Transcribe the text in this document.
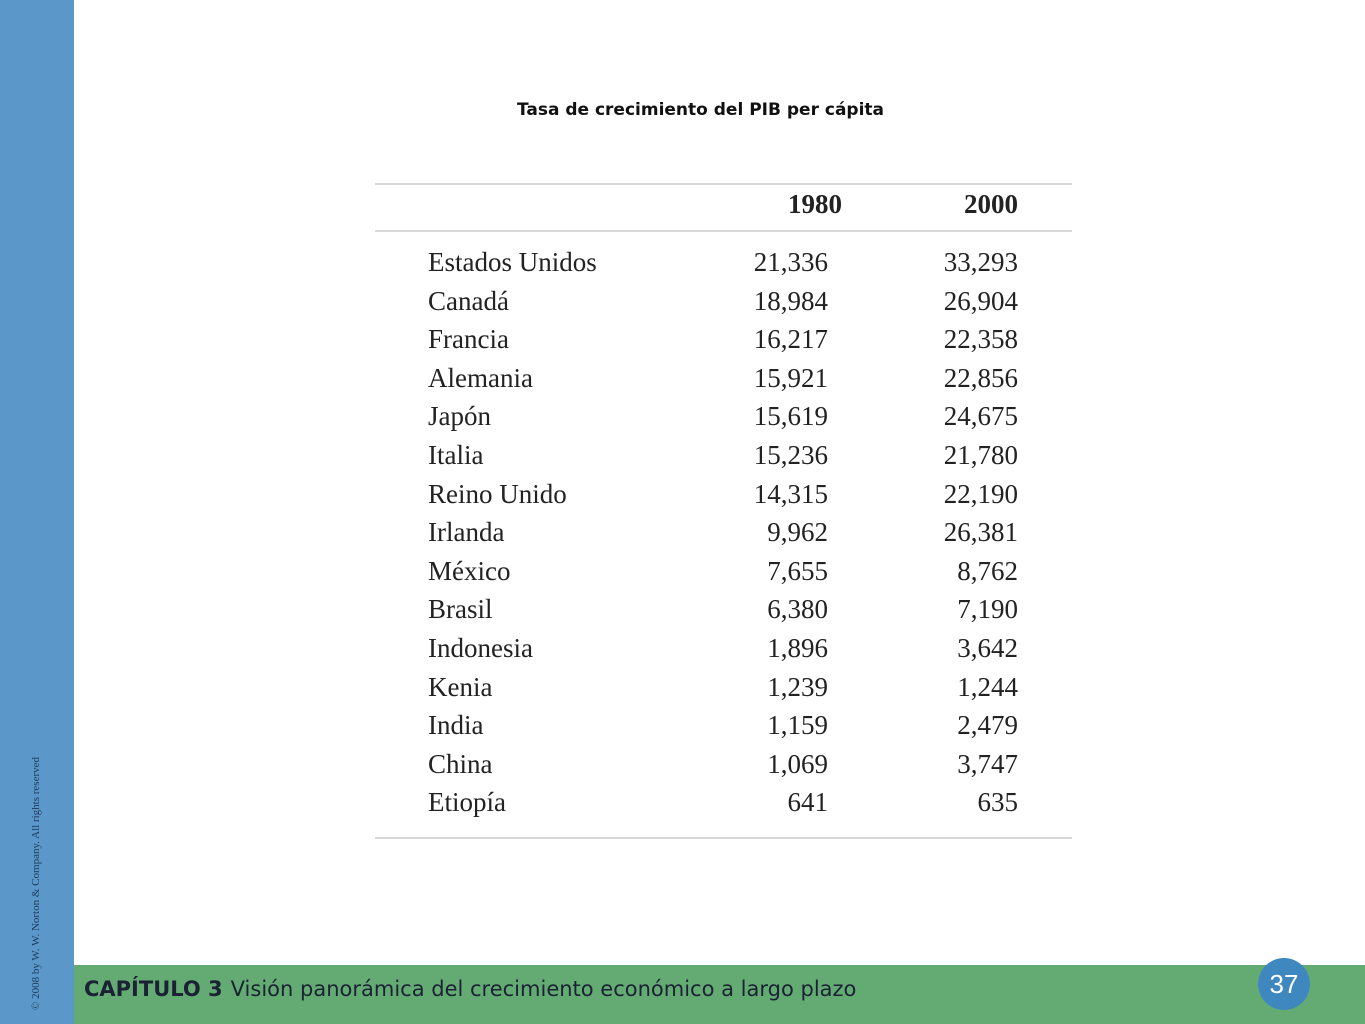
© 2008 by W. W. Norton & Company. All rights reserved
Tasa de crecimiento del PIB per cápita
1980	2000
Estados Unidos	21,336	33,293
Canadá	18,984	26,904
Francia	16,217	22,358
Alemania	15,921	22,856
Japón	15,619	24,675
Italia	15,236	21,780
Reino Unido	14,315	22,190
Irlanda	9,962	26,381
México	7,655	8,762
Brasil	6,380	7,190
Indonesia	1,896	3,642
Kenia	1,239	1,244
India	1,159	2,479
China	1,069	3,747
Etiopía	641	635
CAPÍTULO 3 Visión panorámica del crecimiento económico a largo plazo	37
